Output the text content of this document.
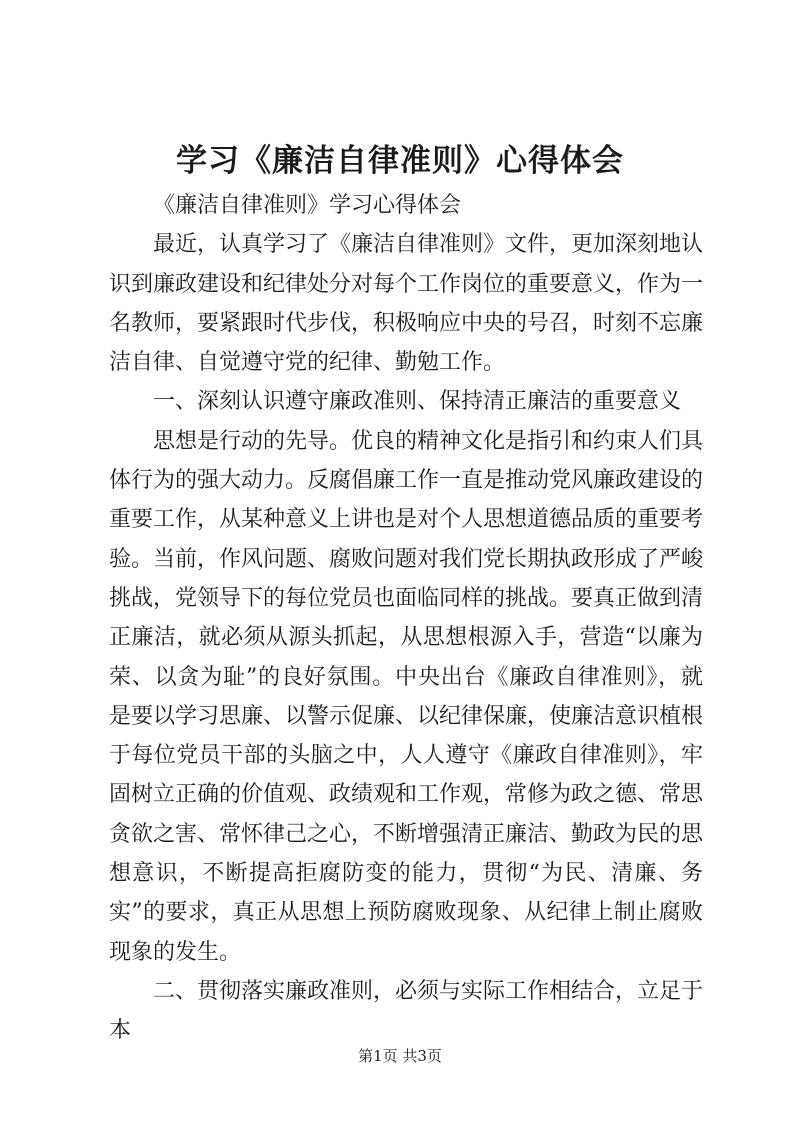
学习《廉洁自律准则》心得体会

《廉洁自律准则》学习心得体会

最近，认真学习了《廉洁自律准则》文件，更加深刻地认识到廉政建设和纪律处分对每个工作岗位的重要意义，作为一名教师，要紧跟时代步伐，积极响应中央的号召，时刻不忘廉洁自律、自觉遵守党的纪律、勤勉工作。

一、深刻认识遵守廉政准则、保持清正廉洁的重要意义

思想是行动的先导。优良的精神文化是指引和约束人们具体行为的强大动力。反腐倡廉工作一直是推动党风廉政建设的重要工作，从某种意义上讲也是对个人思想道德品质的重要考验。当前，作风问题、腐败问题对我们党长期执政形成了严峻挑战，党领导下的每位党员也面临同样的挑战。要真正做到清正廉洁，就必须从源头抓起，从思想根源入手，营造“以廉为荣、以贪为耻”的良好氛围。中央出台《廉政自律准则》，就是要以学习思廉、以警示促廉、以纪律保廉，使廉洁意识植根于每位党员干部的头脑之中，人人遵守《廉政自律准则》，牢固树立正确的价值观、政绩观和工作观，常修为政之德、常思贪欲之害、常怀律己之心，不断增强清正廉洁、勤政为民的思想意识，不断提高拒腐防变的能力，贯彻“为民、清廉、务实”的要求，真正从思想上预防腐败现象、从纪律上制止腐败现象的发生。

二、贯彻落实廉政准则，必须与实际工作相结合，立足于本

第1页 共3页
